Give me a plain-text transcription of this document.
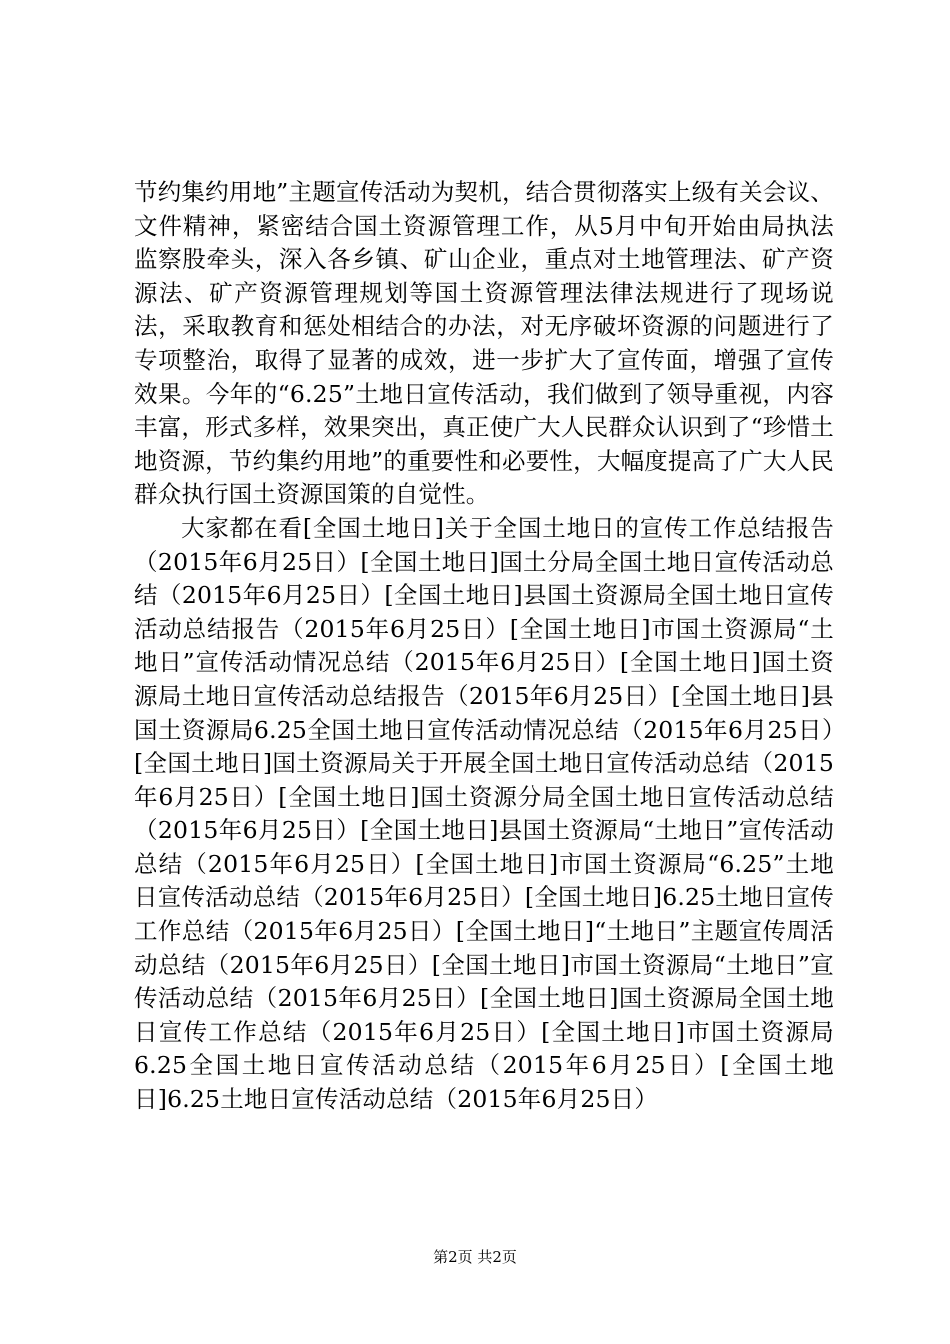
节约集约用地”主题宣传活动为契机，结合贯彻落实上级有关会议、文件精神，紧密结合国土资源管理工作，从5月中旬开始由局执法监察股牵头，深入各乡镇、矿山企业，重点对土地管理法、矿产资源法、矿产资源管理规划等国土资源管理法律法规进行了现场说法，采取教育和惩处相结合的办法，对无序破坏资源的问题进行了专项整治，取得了显著的成效，进一步扩大了宣传面，增强了宣传效果。今年的“6.25”土地日宣传活动，我们做到了领导重视，内容丰富，形式多样，效果突出，真正使广大人民群众认识到了“珍惜土地资源，节约集约用地”的重要性和必要性，大幅度提高了广大人民群众执行国土资源国策的自觉性。

大家都在看[全国土地日]关于全国土地日的宣传工作总结报告（2015年6月25日）[全国土地日]国土分局全国土地日宣传活动总结（2015年6月25日）[全国土地日]县国土资源局全国土地日宣传活动总结报告（2015年6月25日）[全国土地日]市国土资源局“土地日”宣传活动情况总结（2015年6月25日）[全国土地日]国土资源局土地日宣传活动总结报告（2015年6月25日）[全国土地日]县国土资源局6.25全国土地日宣传活动情况总结（2015年6月25日）[全国土地日]国土资源局关于开展全国土地日宣传活动总结（2015年6月25日）[全国土地日]国土资源分局全国土地日宣传活动总结（2015年6月25日）[全国土地日]县国土资源局“土地日”宣传活动总结（2015年6月25日）[全国土地日]市国土资源局“6.25”土地日宣传活动总结（2015年6月25日）[全国土地日]6.25土地日宣传工作总结（2015年6月25日）[全国土地日]“土地日”主题宣传周活动总结（2015年6月25日）[全国土地日]市国土资源局“土地日”宣传活动总结（2015年6月25日）[全国土地日]国土资源局全国土地日宣传工作总结（2015年6月25日）[全国土地日]市国土资源局6.25全国土地日宣传活动总结（2015年6月25日）[全国土地日]6.25土地日宣传活动总结（2015年6月25日）

第2页 共2页
